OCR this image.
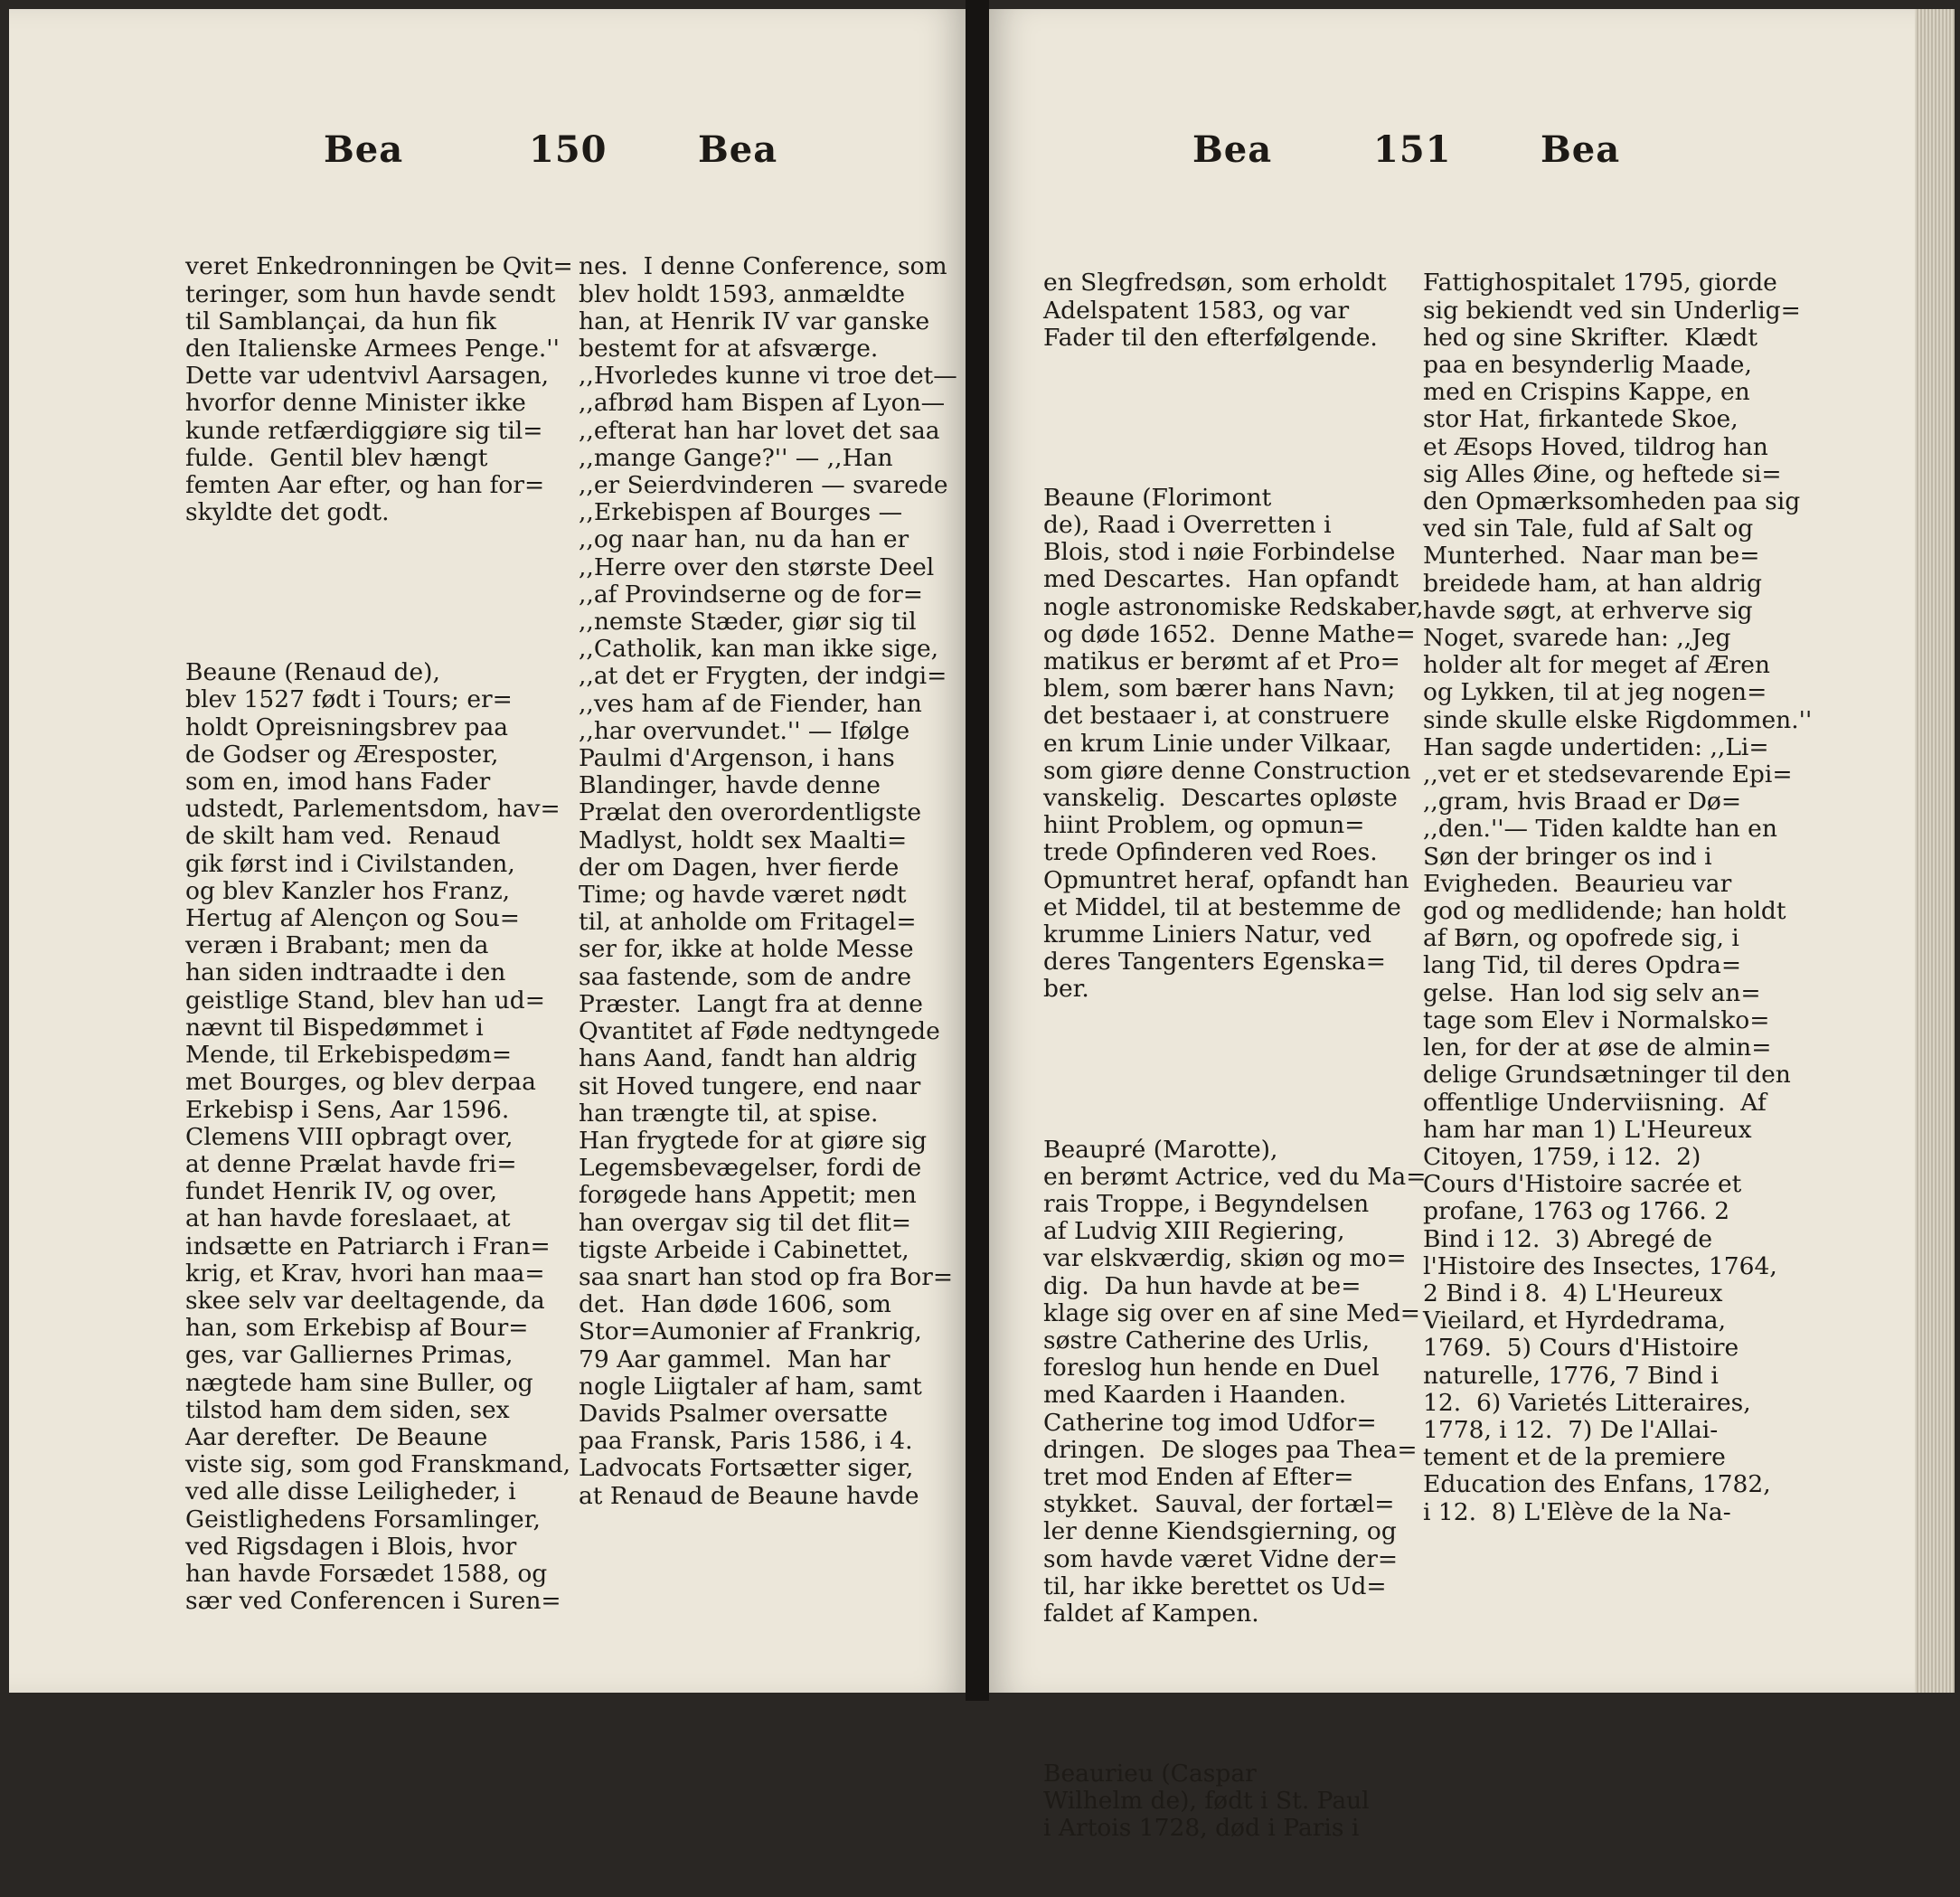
Bea	150	Bea

veret Enkedronningen be Qvit=
teringer, som hun havde sendt
til Samblançai, da hun fik
den Italienske Armees Penge.''
Dette var udentvivl Aarsagen,
hvorfor denne Minister ikke
kunde retfærdiggiøre sig til=
fulde.  Gentil blev hængt
femten Aar efter, og han for=
skyldte det godt.

Beaune (Renaud de),
blev 1527 født i Tours; er=
holdt Opreisningsbrev paa
de Godser og Æresposter,
som en, imod hans Fader
udstedt, Parlementsdom, hav=
de skilt ham ved.  Renaud
gik først ind i Civilstanden,
og blev Kanzler hos Franz,
Hertug af Alençon og Sou=
veræn i Brabant; men da
han siden indtraadte i den
geistlige Stand, blev han ud=
nævnt til Bispedømmet i
Mende, til Erkebispedøm=
met Bourges, og blev derpaa
Erkebisp i Sens, Aar 1596.
Clemens VIII opbragt over,
at denne Prælat havde fri=
fundet Henrik IV, og over,
at han havde foreslaaet, at
indsætte en Patriarch i Fran=
krig, et Krav, hvori han maa=
skee selv var deeltagende, da
han, som Erkebisp af Bour=
ges, var Galliernes Primas,
nægtede ham sine Buller, og
tilstod ham dem siden, sex
Aar derefter.  De Beaune
viste sig, som god Franskmand,
ved alle disse Leiligheder, i
Geistlighedens Forsamlinger,
ved Rigsdagen i Blois, hvor
han havde Forsædet 1588, og
sær ved Conferencen i Suren=

nes.  I denne Conference, som
blev holdt 1593, anmældte
han, at Henrik IV var ganske
bestemt for at afsværge.
,,Hvorledes kunne vi troe det—
,,afbrød ham Bispen af Lyon—
,,efterat han har lovet det saa
,,mange Gange?'' — ,,Han
,,er Seierdvinderen — svarede
,,Erkebispen af Bourges —
,,og naar han, nu da han er
,,Herre over den største Deel
,,af Provindserne og de for=
,,nemste Stæder, giør sig til
,,Catholik, kan man ikke sige,
,,at det er Frygten, der indgi=
,,ves ham af de Fiender, han
,,har overvundet.'' — Ifølge
Paulmi d'Argenson, i hans
Blandinger, havde denne
Prælat den overordentligste
Madlyst, holdt sex Maalti=
der om Dagen, hver fierde
Time; og havde været nødt
til, at anholde om Fritagel=
ser for, ikke at holde Messe
saa fastende, som de andre
Præster.  Langt fra at denne
Qvantitet af Føde nedtyngede
hans Aand, fandt han aldrig
sit Hoved tungere, end naar
han trængte til, at spise.
Han frygtede for at giøre sig
Legemsbevægelser, fordi de
forøgede hans Appetit; men
han overgav sig til det flit=
tigste Arbeide i Cabinettet,
saa snart han stod op fra Bor=
det.  Han døde 1606, som
Stor=Aumonier af Frankrig,
79 Aar gammel.  Man har
nogle Liigtaler af ham, samt
Davids Psalmer oversatte
paa Fransk, Paris 1586, i 4.
Ladvocats Fortsætter siger,
at Renaud de Beaune havde

Bea	151 Bea

en Slegfredsøn, som erholdt
Adelspatent 1583, og var
Fader til den efterfølgende.

Beaune (Florimont
de), Raad i Overretten i
Blois, stod i nøie Forbindelse
med Descartes.  Han opfandt
nogle astronomiske Redskaber,
og døde 1652.  Denne Mathe=
matikus er berømt af et Pro=
blem, som bærer hans Navn;
det bestaaer i, at construere
en krum Linie under Vilkaar,
som giøre denne Construction
vanskelig.  Descartes opløste
hiint Problem, og opmun=
trede Opfinderen ved Roes.
Opmuntret heraf, opfandt han
et Middel, til at bestemme de
krumme Liniers Natur, ved
deres Tangenters Egenska=
ber.

Beaupré (Marotte),
en berømt Actrice, ved du Ma=
rais Troppe, i Begyndelsen
af Ludvig XIII Regiering,
var elskværdig, skiøn og mo=
dig.  Da hun havde at be=
klage sig over en af sine Med=
søstre Catherine des Urlis,
foreslog hun hende en Duel
med Kaarden i Haanden.
Catherine tog imod Udfor=
dringen.  De sloges paa Thea=
tret mod Enden af Efter=
stykket.  Sauval, der fortæl=
ler denne Kiendsgierning, og
som havde været Vidne der=
til, har ikke berettet os Ud=
faldet af Kampen.

Beaurieu (Caspar
Wilhelm de), født i St. Paul
i Artois 1728, død i Paris i

Fattighospitalet 1795, giorde
sig bekiendt ved sin Underlig=
hed og sine Skrifter.  Klædt
paa en besynderlig Maade,
med en Crispins Kappe, en
stor Hat, firkantede Skoe,
et Æsops Hoved, tildrog han
sig Alles Øine, og heftede si=
den Opmærksomheden paa sig
ved sin Tale, fuld af Salt og
Munterhed.  Naar man be=
breidede ham, at han aldrig
havde søgt, at erhverve sig
Noget, svarede han: ,,Jeg
holder alt for meget af Æren
og Lykken, til at jeg nogen=
sinde skulle elske Rigdommen.''
Han sagde undertiden: ,,Li=
,,vet er et stedsevarende Epi=
,,gram, hvis Braad er Dø=
,,den.''— Tiden kaldte han en
Søn der bringer os ind i
Evigheden.  Beaurieu var
god og medlidende; han holdt
af Børn, og opofrede sig, i
lang Tid, til deres Opdra=
gelse.  Han lod sig selv an=
tage som Elev i Normalsko=
len, for der at øse de almin=
delige Grundsætninger til den
offentlige Underviisning.  Af
ham har man 1) L'Heureux
Citoyen, 1759, i 12.  2)
Cours d'Histoire sacrée et
profane, 1763 og 1766. 2
Bind i 12.  3) Abregé de
l'Histoire des Insectes, 1764,
2 Bind i 8.  4) L'Heureux
Vieilard, et Hyrdedrama,
1769.  5) Cours d'Histoire
naturelle, 1776, 7 Bind i
12.  6) Varietés Litteraires,
1778, i 12.  7) De l'Allai-
tement et de la premiere
Education des Enfans, 1782,
i 12.  8) L'Elève de la Na-
